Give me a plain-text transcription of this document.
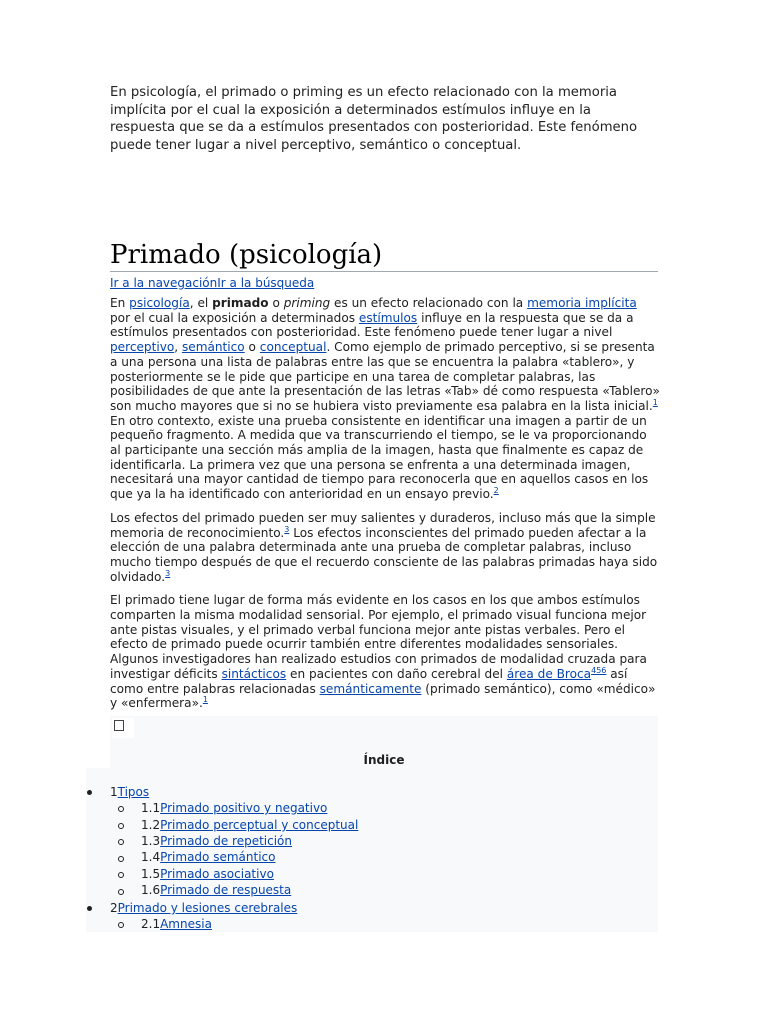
En psicología, el primado o priming es un efecto relacionado con la memoria implícita por el cual la exposición a determinados estímulos influye en la respuesta que se da a estímulos presentados con posterioridad. Este fenómeno puede tener lugar a nivel perceptivo, semántico o conceptual.
Primado (psicología)
Ir a la navegaciónIr a la búsqueda

En psicología, el primado o priming es un efecto relacionado con la memoria implícita por el cual la exposición a determinados estímulos influye en la respuesta que se da a estímulos presentados con posterioridad. Este fenómeno puede tener lugar a nivel perceptivo, semántico o conceptual. Como ejemplo de primado perceptivo, si se presenta a una persona una lista de palabras entre las que se encuentra la palabra «tablero», y posteriormente se le pide que participe en una tarea de completar palabras, las posibilidades de que ante la presentación de las letras «Tab» dé como respuesta «Tablero» son mucho mayores que si no se hubiera visto previamente esa palabra en la lista inicial.$^1$ En otro contexto, existe una prueba consistente en identificar una imagen a partir de un pequeño fragmento. A medida que va transcurriendo el tiempo, se le va proporcionando al participante una sección más amplia de la imagen, hasta que finalmente es capaz de identificarla. La primera vez que una persona se enfrenta a una determinada imagen, necesitará una mayor cantidad de tiempo para reconocerla que en aquellos casos en los que ya la ha identificado con anterioridad en un ensayo previo.$^2$

Los efectos del primado pueden ser muy salientes y duraderos, incluso más que la simple memoria de reconocimiento.$^3$ Los efectos inconscientes del primado pueden afectar a la elección de una palabra determinada ante una prueba de completar palabras, incluso mucho tiempo después de que el recuerdo consciente de las palabras primadas haya sido olvidado.$^3$

El primado tiene lugar de forma más evidente en los casos en los que ambos estímulos comparten la misma modalidad sensorial. Por ejemplo, el primado visual funciona mejor ante pistas visuales, y el primado verbal funciona mejor ante pistas verbales. Pero el efecto de primado puede ocurrir también entre diferentes modalidades sensoriales. Algunos investigadores han realizado estudios con primados de modalidad cruzada para investigar déficits sintácticos en pacientes con daño cerebral del área de Broca$^{456}$ así como entre palabras relacionadas semánticamente (primado semántico), como «médico» y «enfermera».$^1$

Índice
1Tipos
1.1Primado positivo y negativo
1.2Primado perceptual y conceptual
1.3Primado de repetición
1.4Primado semántico
1.5Primado asociativo
1.6Primado de respuesta
2Primado y lesiones cerebrales
2.1Amnesia
